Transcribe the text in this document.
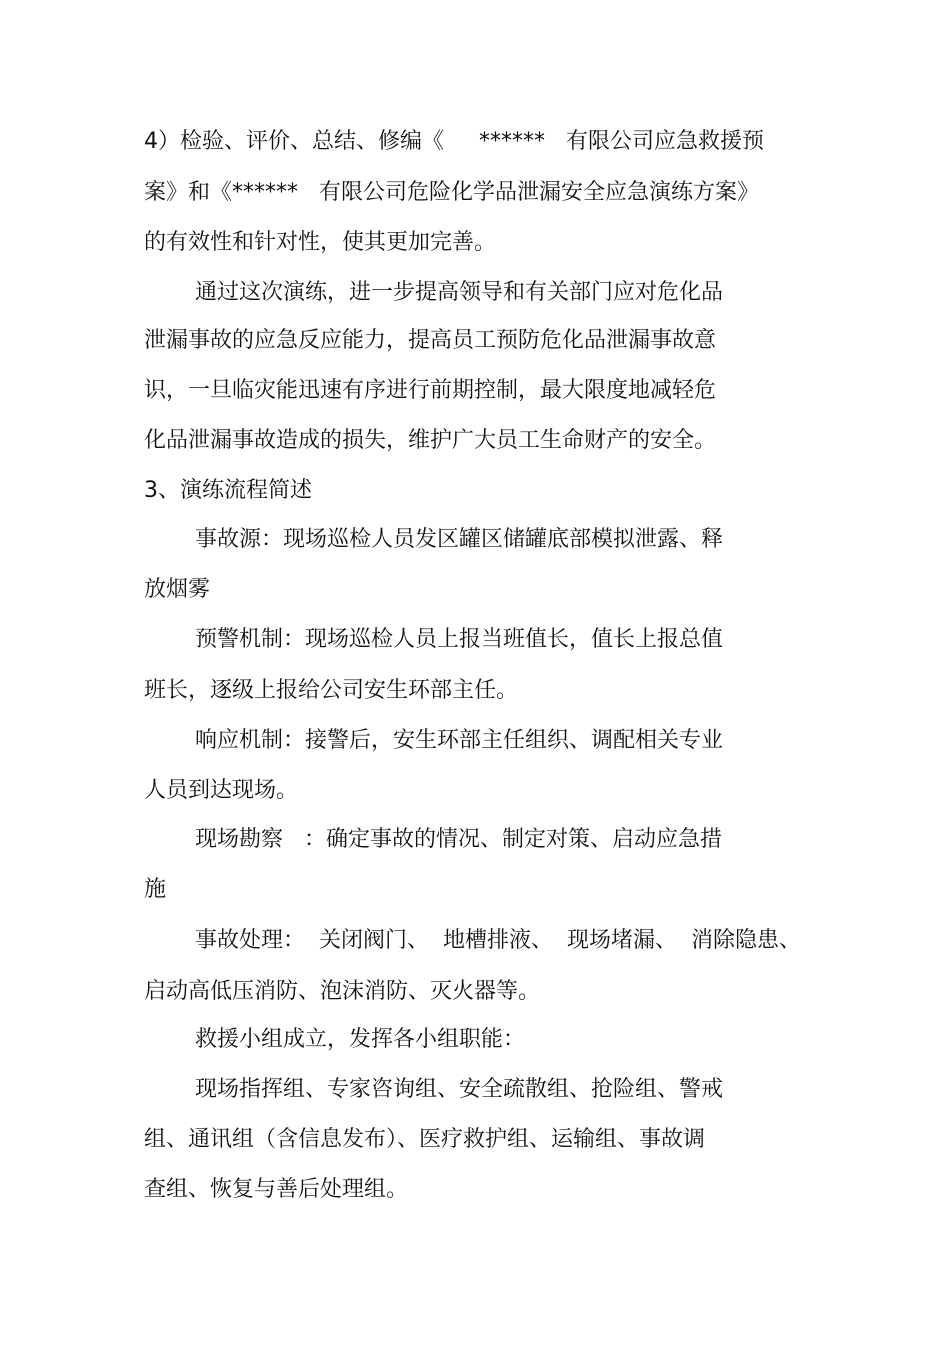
4）检验、评价、总结、修编《     ******   有限公司应急救援预
案》和《******   有限公司危险化学品泄漏安全应急演练方案》
的有效性和针对性，使其更加完善。
通过这次演练，进一步提高领导和有关部门应对危化品
泄漏事故的应急反应能力，提高员工预防危化品泄漏事故意
识，一旦临灾能迅速有序进行前期控制，最大限度地减轻危
化品泄漏事故造成的损失，维护广大员工生命财产的安全。
3、演练流程简述
事故源：现场巡检人员发区罐区储罐底部模拟泄露、释
放烟雾
预警机制：现场巡检人员上报当班值长，值长上报总值
班长，逐级上报给公司安生环部主任。
响应机制：接警后，安生环部主任组织、调配相关专业
人员到达现场。
现场勘察   ：确定事故的情况、制定对策、启动应急措
施
事故处理：  关闭阀门、  地槽排液、  现场堵漏、  消除隐患、
启动高低压消防、泡沫消防、灭火器等。
救援小组成立，发挥各小组职能：
现场指挥组、专家咨询组、安全疏散组、抢险组、警戒
组、通讯组（含信息发布）、医疗救护组、运输组、事故调
查组、恢复与善后处理组。
